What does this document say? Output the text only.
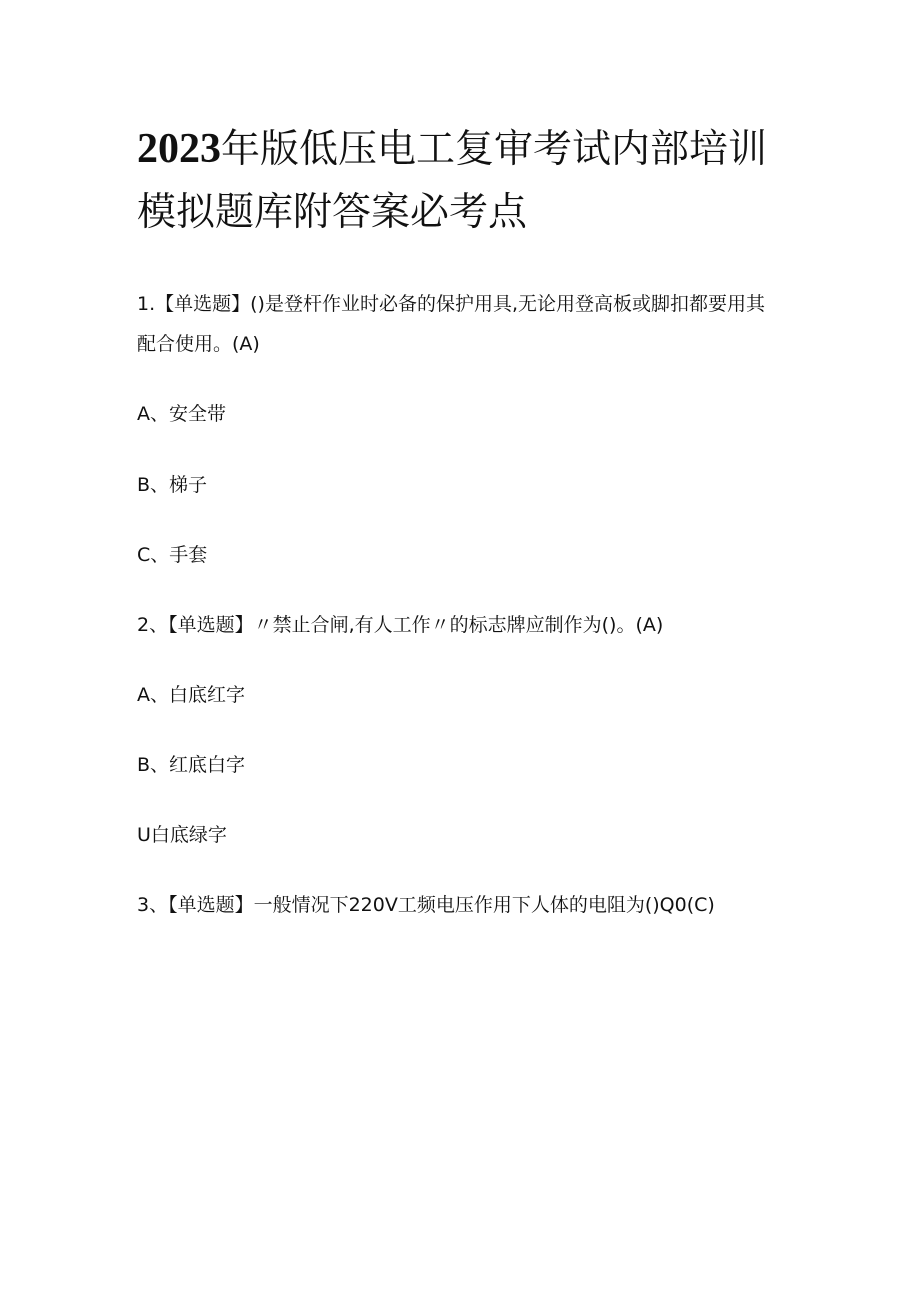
2023年版低压电工复审考试内部培训模拟题库附答案必考点
1.【单选题】()是登杆作业时必备的保护用具,无论用登高板或脚扣都要用其配合使用。(A)
A、安全带
B、梯子
C、手套
2、【单选题】〃禁止合闸,有人工作〃的标志牌应制作为()。(A)
A、白底红字
B、红底白字
U白底绿字
3、【单选题】一般情况下220V工频电压作用下人体的电阻为()Q0(C)
